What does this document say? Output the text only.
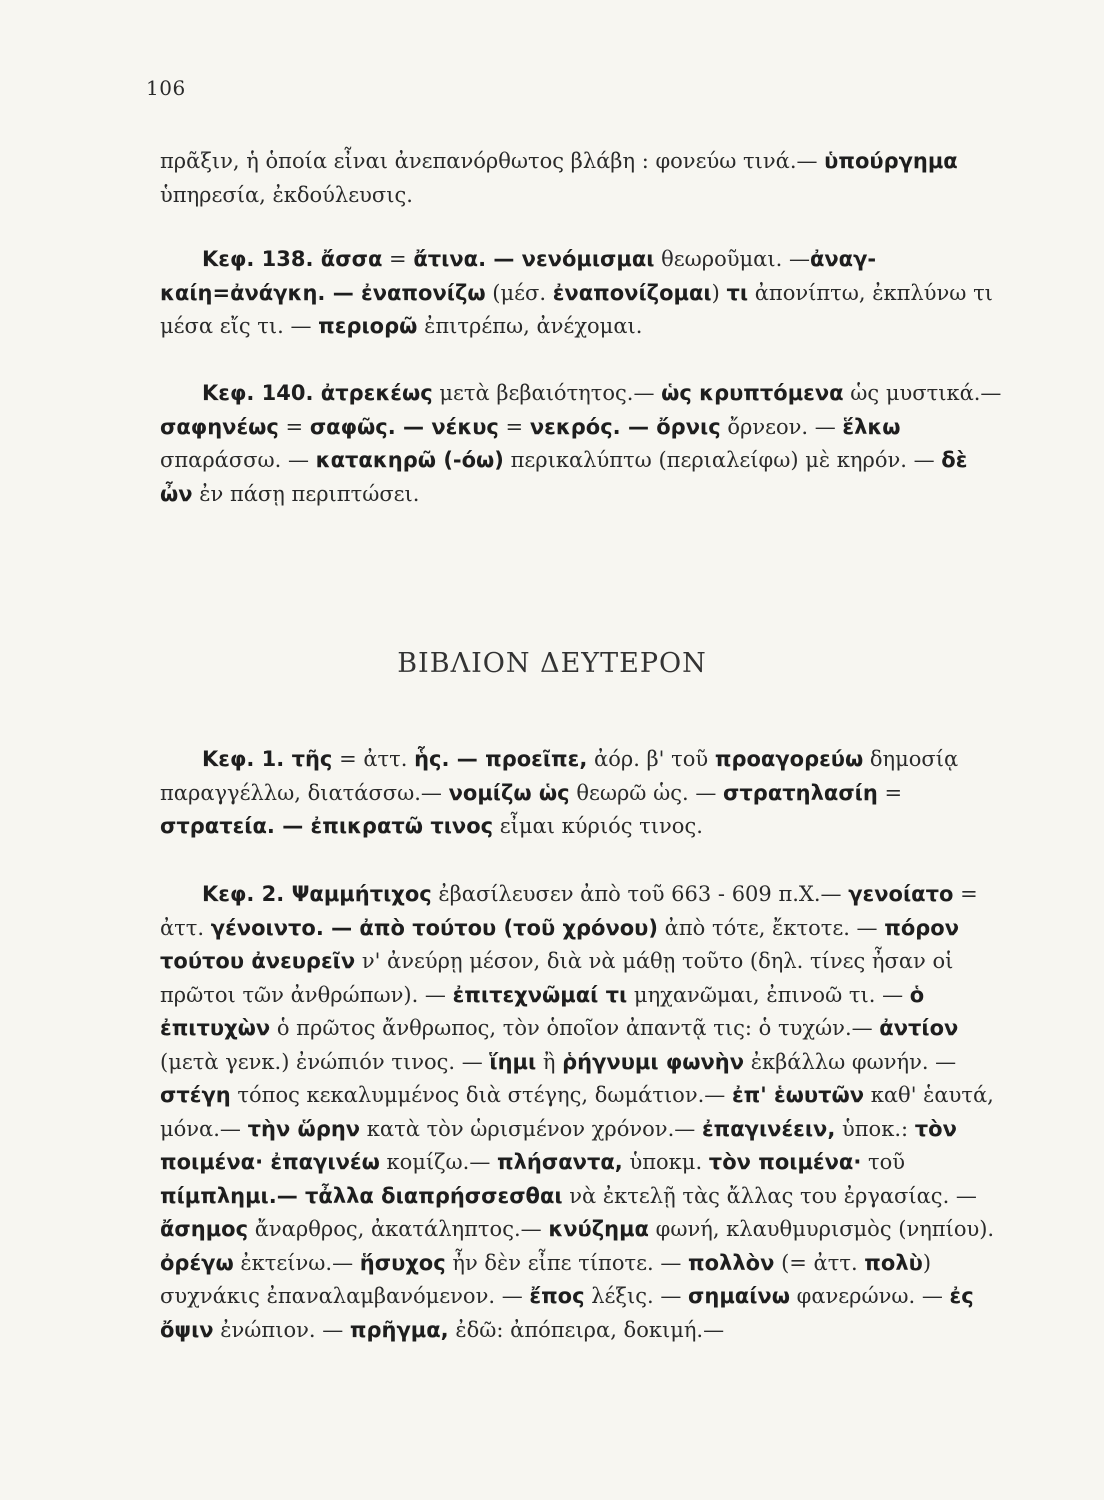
106

πρᾶξιν, ἡ ὁποία εἶναι ἀνεπανόρθωτος βλάβη : φονεύω τινά.— ὑπούργημα ὑπηρεσία, ἐκδούλευσις.

Κεφ. 138. ἄσσα = ἄτινα. — νενόμισμαι θεωροῦμαι. —ἀναγκαίη=ἀνάγκη. — ἐναπονίζω (μέσ. ἐναπονίζομαι) τι ἀπονίπτω, ἐκπλύνω τι μέσα εἴς τι. — περιορῶ ἐπιτρέπω, ἀνέχομαι.

Κεφ. 140. ἀτρεκέως μετὰ βεβαιότητος.— ὡς κρυπτόμενα ὡς μυστικά.— σαφηνέως = σαφῶς. — νέκυς = νεκρός. — ὄρνις ὄρνεον. — ἕλκω σπαράσσω. — κατακηρῶ (-όω) περικαλύπτω (περιαλείφω) μὲ κηρόν. — δὲ ὦν ἐν πάσῃ περιπτώσει.

ΒΙΒΛΙΟΝ ΔΕΥΤΕΡΟΝ

Κεφ. 1. τῆς = ἀττ. ἧς. — προεῖπε, ἀόρ. β' τοῦ προαγορεύω δημοσίᾳ παραγγέλλω, διατάσσω.— νομίζω ὡς θεωρῶ ὡς. — στρατηλασίη = στρατεία. — ἐπικρατῶ τινος εἶμαι κύριός τινος.

Κεφ. 2. Ψαμμήτιχος ἐβασίλευσεν ἀπὸ τοῦ 663 - 609 π.Χ.— γενοίατο = ἀττ. γένοιντο. — ἀπὸ τούτου (τοῦ χρόνου) ἀπὸ τότε, ἔκτοτε. — πόρον τούτου ἀνευρεῖν ν' ἀνεύρῃ μέσον, διὰ νὰ μάθῃ τοῦτο (δηλ. τίνες ἦσαν οἱ πρῶτοι τῶν ἀνθρώπων). — ἐπιτεχνῶμαί τι μηχανῶμαι, ἐπινοῶ τι. — ὁ ἐπιτυχὼν ὁ πρῶτος ἄνθρωπος, τὸν ὁποῖον ἀπαντᾷ τις: ὁ τυχών.— ἀντίον (μετὰ γενκ.) ἐνώπιόν τινος. — ἵημι ἢ ῥήγνυμι φωνὴν ἐκβάλλω φωνήν. — στέγη τόπος κεκαλυμμένος διὰ στέγης, δωμάτιον.— ἐπ' ἑωυτῶν καθ' ἑαυτά, μόνα.— τὴν ὥρην κατὰ τὸν ὡρισμένον χρόνον.— ἐπαγινέειν, ὑποκ.: τὸν ποιμένα· ἐπαγινέω κομίζω.— πλήσαντα, ὑποκμ. τὸν ποιμένα· τοῦ πίμπλημι.— τἆλλα διαπρήσσεσθαι νὰ ἐκτελῇ τὰς ἄλλας του ἐργασίας. — ἄσημος ἄναρθρος, ἀκατάληπτος.— κνύζημα φωνή, κλαυθμυρισμὸς (νηπίου). ὀρέγω ἐκτείνω.— ἥσυχος ἦν δὲν εἶπε τίποτε. — πολλὸν (= ἀττ. πολὺ) συχνάκις ἐπαναλαμβανόμενον. — ἔπος λέξις. — σημαίνω φανερώνω. — ἐς ὄψιν ἐνώπιον. — πρῆγμα, ἐδῶ: ἀπόπειρα, δοκιμή.—
